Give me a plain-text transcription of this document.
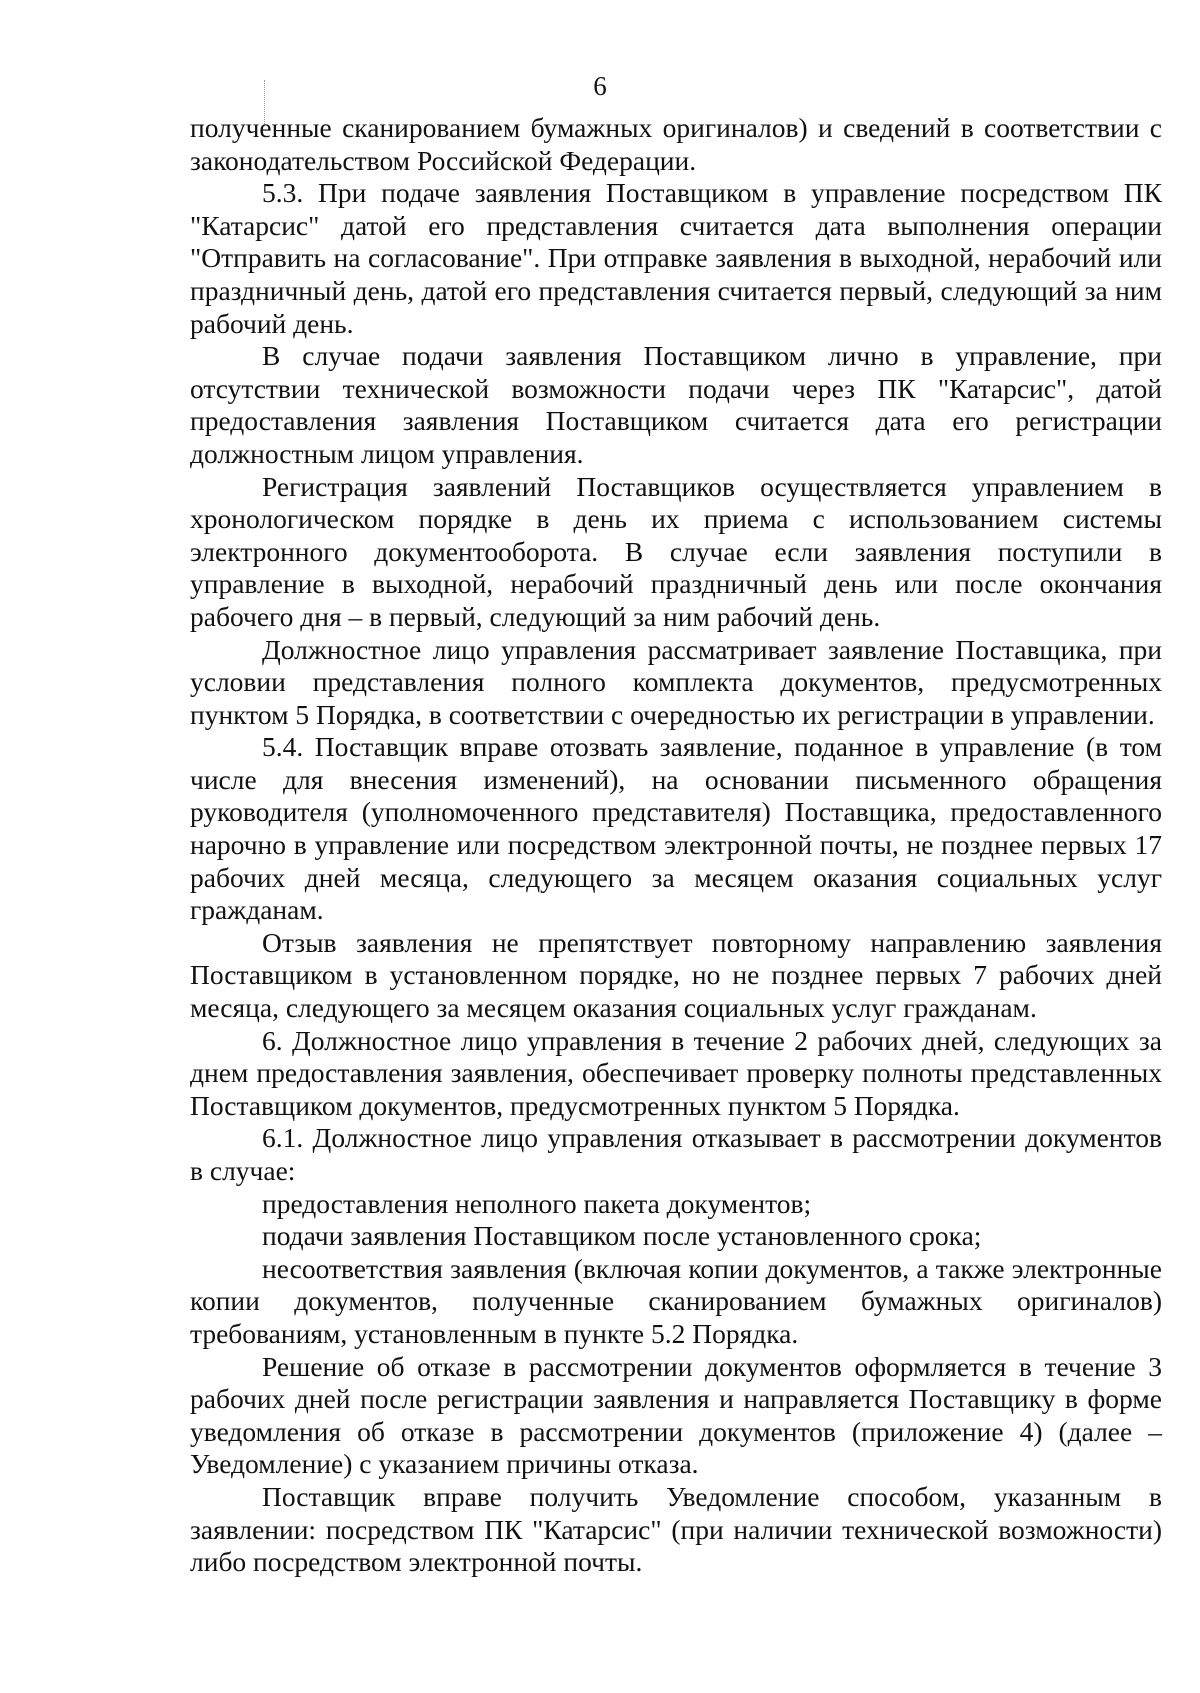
6

полученные сканированием бумажных оригиналов) и сведений в соответствии с законодательством Российской Федерации.

5.3. При подаче заявления Поставщиком в управление посредством ПК "Катарсис" датой его представления считается дата выполнения операции "Отправить на согласование". При отправке заявления в выходной, нерабочий или праздничный день, датой его представления считается первый, следующий за ним рабочий день.

В случае подачи заявления Поставщиком лично в управление, при отсутствии технической возможности подачи через ПК "Катарсис", датой предоставления заявления Поставщиком считается дата его регистрации должностным лицом управления.

Регистрация заявлений Поставщиков осуществляется управлением в хронологическом порядке в день их приема с использованием системы электронного документооборота. В случае если заявления поступили в управление в выходной, нерабочий праздничный день или после окончания рабочего дня – в первый, следующий за ним рабочий день.

Должностное лицо управления рассматривает заявление Поставщика, при условии представления полного комплекта документов, предусмотренных пунктом 5 Порядка, в соответствии с очередностью их регистрации в управлении.

5.4. Поставщик вправе отозвать заявление, поданное в управление (в том числе для внесения изменений), на основании письменного обращения руководителя (уполномоченного представителя) Поставщика, предоставленного нарочно в управление или посредством электронной почты, не позднее первых 17 рабочих дней месяца, следующего за месяцем оказания социальных услуг гражданам.

Отзыв заявления не препятствует повторному направлению заявления Поставщиком в установленном порядке, но не позднее первых 7 рабочих дней месяца, следующего за месяцем оказания социальных услуг гражданам.

6. Должностное лицо управления в течение 2 рабочих дней, следующих за днем предоставления заявления, обеспечивает проверку полноты представленных Поставщиком документов, предусмотренных пунктом 5 Порядка.

6.1. Должностное лицо управления отказывает в рассмотрении документов в случае:

предоставления неполного пакета документов;

подачи заявления Поставщиком после установленного срока;

несоответствия заявления (включая копии документов, а также электронные копии документов, полученные сканированием бумажных оригиналов) требованиям, установленным в пункте 5.2 Порядка.

Решение об отказе в рассмотрении документов оформляется в течение 3 рабочих дней после регистрации заявления и направляется Поставщику в форме уведомления об отказе в рассмотрении документов (приложение 4) (далее – Уведомление) с указанием причины отказа.

Поставщик вправе получить Уведомление способом, указанным в заявлении: посредством ПК "Катарсис" (при наличии технической возможности) либо посредством электронной почты.
